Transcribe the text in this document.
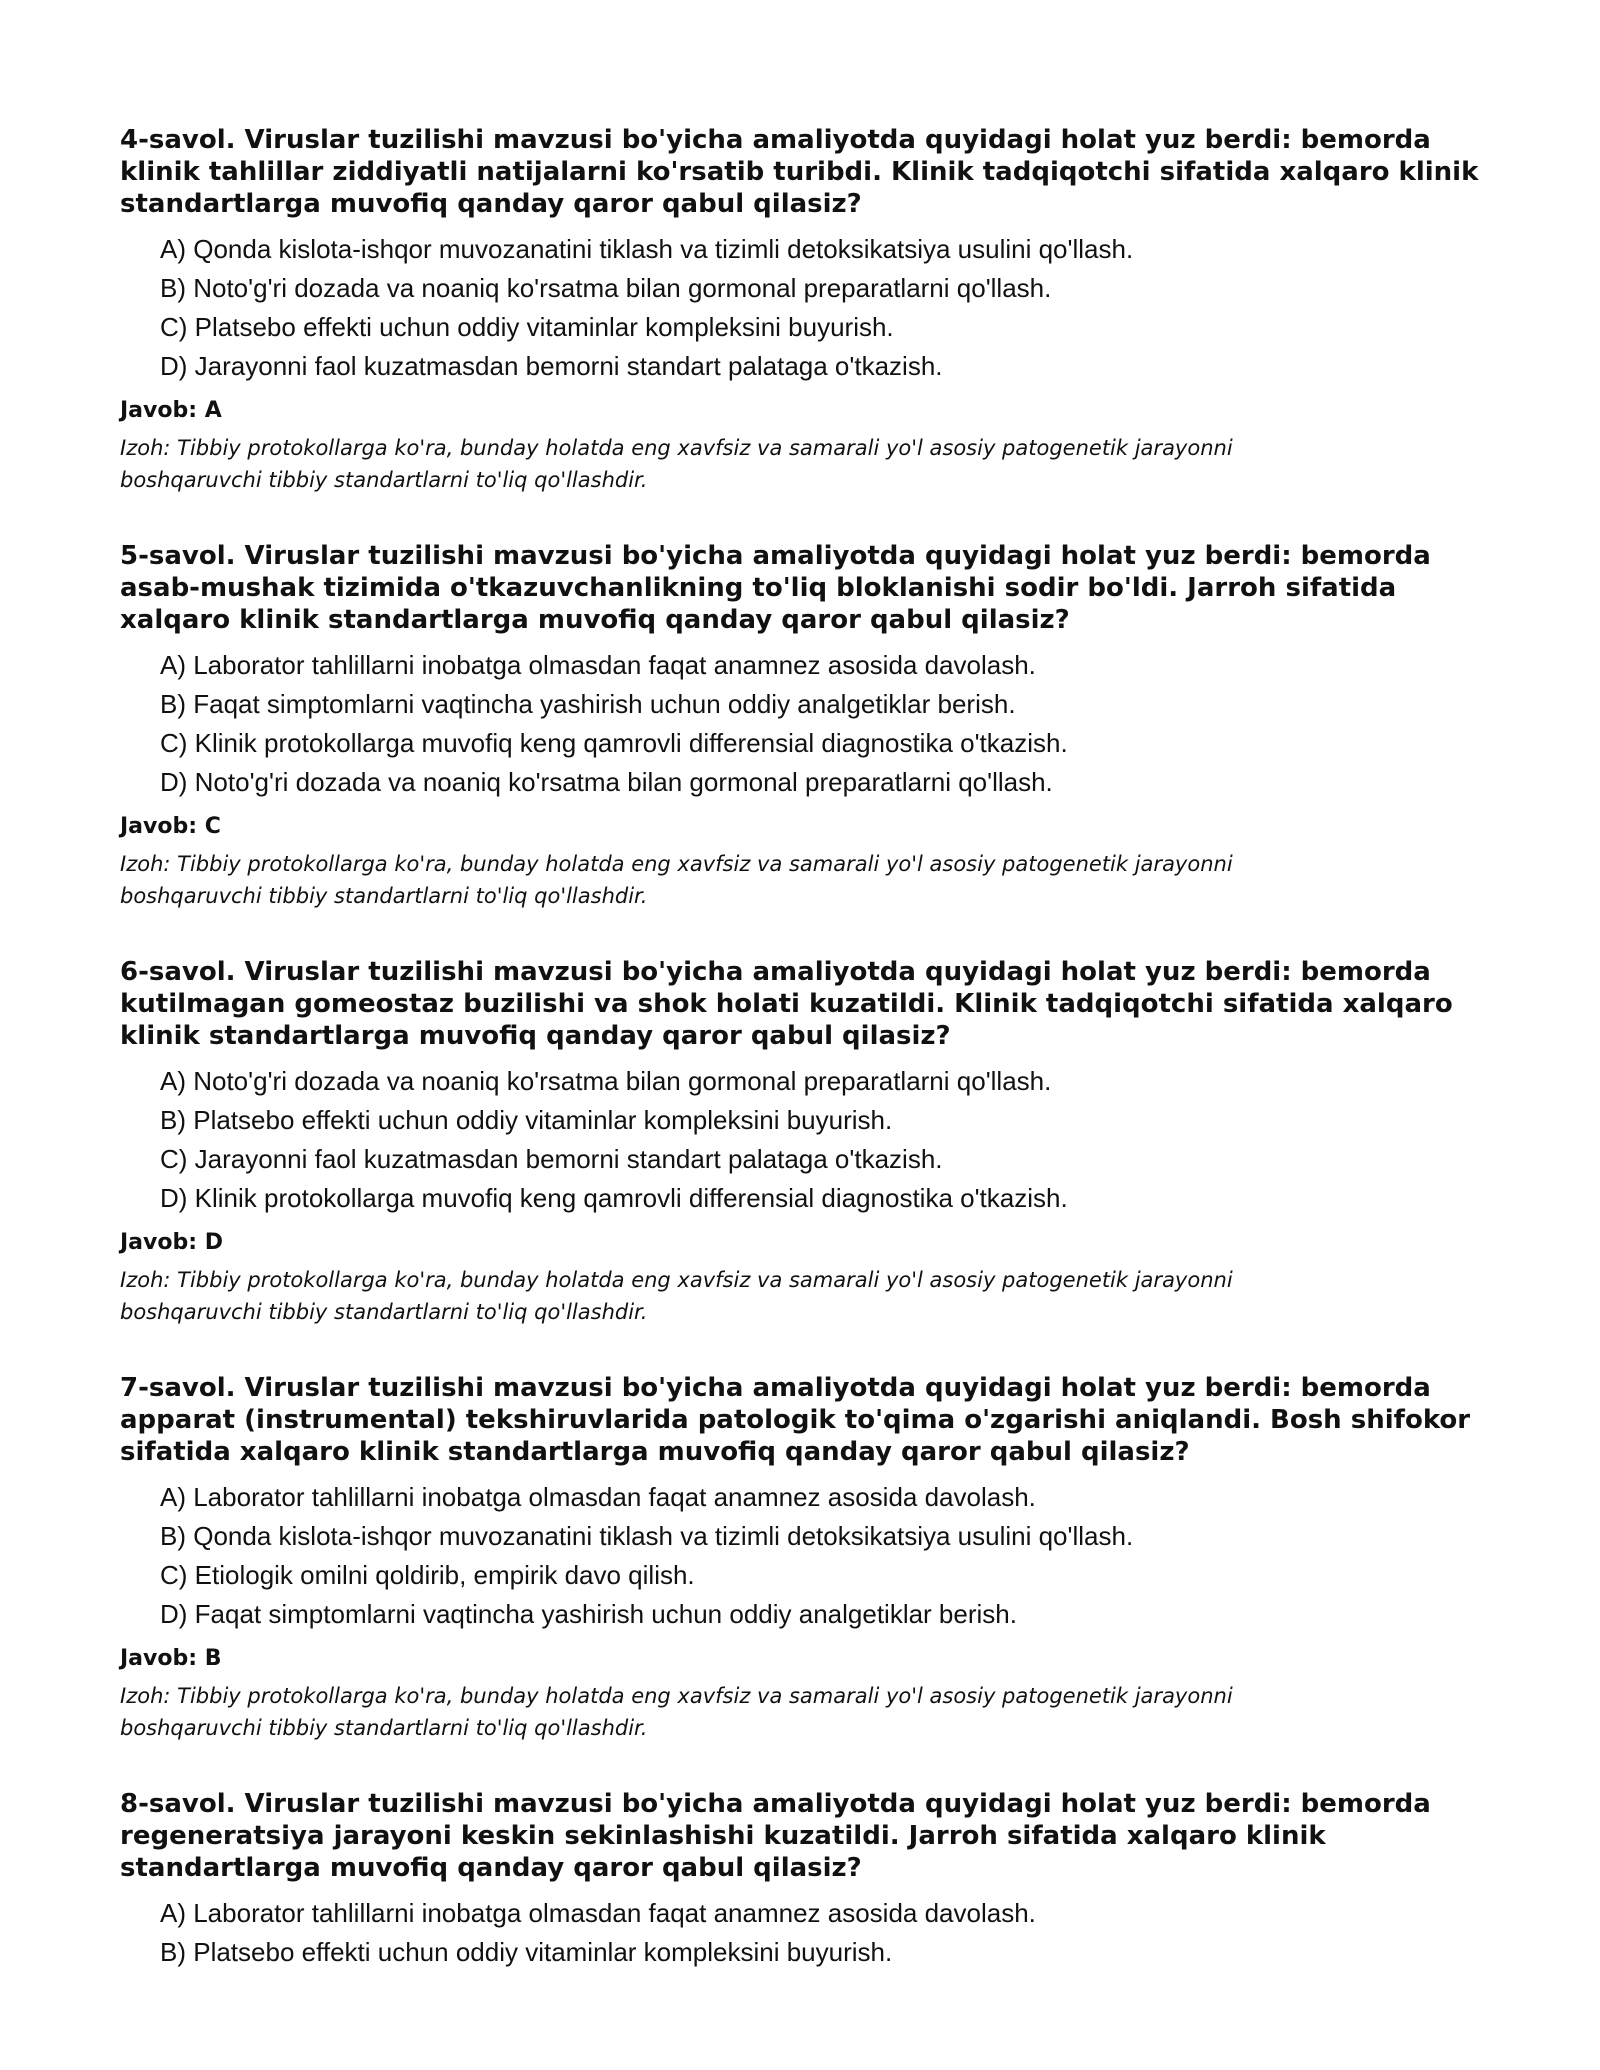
4-savol. Viruslar tuzilishi mavzusi bo'yicha amaliyotda quyidagi holat yuz berdi: bemorda klinik tahlillar ziddiyatli natijalarni ko'rsatib turibdi. Klinik tadqiqotchi sifatida xalqaro klinik standartlarga muvofiq qanday qaror qabul qilasiz?
A) Qonda kislota-ishqor muvozanatini tiklash va tizimli detoksikatsiya usulini qo'llash.
B) Noto'g'ri dozada va noaniq ko'rsatma bilan gormonal preparatlarni qo'llash.
C) Platsebo effekti uchun oddiy vitaminlar kompleksini buyurish.
D) Jarayonni faol kuzatmasdan bemorni standart palataga o'tkazish.
Javob: A
Izoh: Tibbiy protokollarga ko'ra, bunday holatda eng xavfsiz va samarali yo'l asosiy patogenetik jarayonni boshqaruvchi tibbiy standartlarni to'liq qo'llashdir.
5-savol. Viruslar tuzilishi mavzusi bo'yicha amaliyotda quyidagi holat yuz berdi: bemorda asab-mushak tizimida o'tkazuvchanlikning to'liq bloklanishi sodir bo'ldi. Jarroh sifatida xalqaro klinik standartlarga muvofiq qanday qaror qabul qilasiz?
A) Laborator tahlillarni inobatga olmasdan faqat anamnez asosida davolash.
B) Faqat simptomlarni vaqtincha yashirish uchun oddiy analgetiklar berish.
C) Klinik protokollarga muvofiq keng qamrovli differensial diagnostika o'tkazish.
D) Noto'g'ri dozada va noaniq ko'rsatma bilan gormonal preparatlarni qo'llash.
Javob: C
Izoh: Tibbiy protokollarga ko'ra, bunday holatda eng xavfsiz va samarali yo'l asosiy patogenetik jarayonni boshqaruvchi tibbiy standartlarni to'liq qo'llashdir.
6-savol. Viruslar tuzilishi mavzusi bo'yicha amaliyotda quyidagi holat yuz berdi: bemorda kutilmagan gomeostaz buzilishi va shok holati kuzatildi. Klinik tadqiqotchi sifatida xalqaro klinik standartlarga muvofiq qanday qaror qabul qilasiz?
A) Noto'g'ri dozada va noaniq ko'rsatma bilan gormonal preparatlarni qo'llash.
B) Platsebo effekti uchun oddiy vitaminlar kompleksini buyurish.
C) Jarayonni faol kuzatmasdan bemorni standart palataga o'tkazish.
D) Klinik protokollarga muvofiq keng qamrovli differensial diagnostika o'tkazish.
Javob: D
Izoh: Tibbiy protokollarga ko'ra, bunday holatda eng xavfsiz va samarali yo'l asosiy patogenetik jarayonni boshqaruvchi tibbiy standartlarni to'liq qo'llashdir.
7-savol. Viruslar tuzilishi mavzusi bo'yicha amaliyotda quyidagi holat yuz berdi: bemorda apparat (instrumental) tekshiruvlarida patologik to'qima o'zgarishi aniqlandi. Bosh shifokor sifatida xalqaro klinik standartlarga muvofiq qanday qaror qabul qilasiz?
A) Laborator tahlillarni inobatga olmasdan faqat anamnez asosida davolash.
B) Qonda kislota-ishqor muvozanatini tiklash va tizimli detoksikatsiya usulini qo'llash.
C) Etiologik omilni qoldirib, empirik davo qilish.
D) Faqat simptomlarni vaqtincha yashirish uchun oddiy analgetiklar berish.
Javob: B
Izoh: Tibbiy protokollarga ko'ra, bunday holatda eng xavfsiz va samarali yo'l asosiy patogenetik jarayonni boshqaruvchi tibbiy standartlarni to'liq qo'llashdir.
8-savol. Viruslar tuzilishi mavzusi bo'yicha amaliyotda quyidagi holat yuz berdi: bemorda regeneratsiya jarayoni keskin sekinlashishi kuzatildi. Jarroh sifatida xalqaro klinik standartlarga muvofiq qanday qaror qabul qilasiz?
A) Laborator tahlillarni inobatga olmasdan faqat anamnez asosida davolash.
B) Platsebo effekti uchun oddiy vitaminlar kompleksini buyurish.
